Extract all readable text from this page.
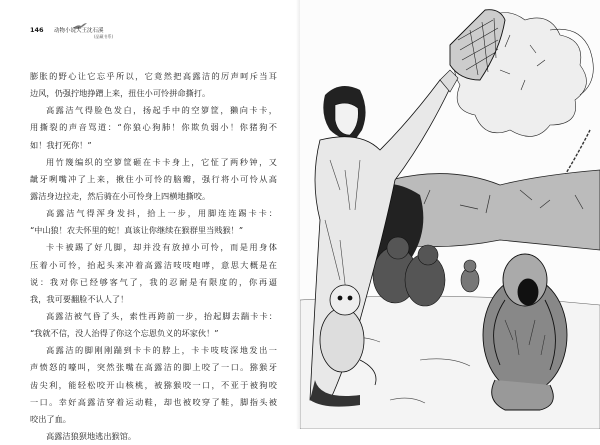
146 动物小说大王沈石溪
(品藏书系)
膨胀的野心让它忘乎所以，它竟然把高露洁的厉声呵斥当耳
边风，仍强拧地挣蹭上来，扭住小可怜拼命撕打。
高露洁气得脸色发白，扬起手中的空箩筐，獭向卡卡，
用撕裂的声音骂道：“你狼心狗肺！你欺负弱小！你猪狗不
如！我打死你！”
用竹篾编织的空箩筐砸在卡卡身上，它怔了两秒钟，又
龇牙咧嘴冲了上来，揪住小可怜的脑瓣，强行将小可怜从高
露洁身边拉走，然后骑在小可怜身上四横地撕咬。
高露洁气得浑身发抖，拾上一步，用脚连连踢卡卡：
“中山狼！农夫怀里的蛇！真该让你继续在猴群里当贱猴！”
卡卡被踢了好几脚，却并没有放掉小可怜，而是用身体
压着小可怜，抬起头来冲着高露洁吱吱咆哮，意思大概是在
说：我对你已经够客气了，我的忍耐是有限度的，你再逼
我，我可要翻脸不认人了！
高露洁被气昏了头，索性再跨前一步，抬起脚去踹卡卡：
“我就不信，没人治得了你这个忘恩负义的坏家伙！”
高露洁的脚刚刚踹到卡卡的脖上，卡卡吱吱深地发出一
声愤怒的嚎叫，突然张嘴在高露洁的脚上咬了一口。猕猴牙
齿尖利，能轻松咬开山核桃，被猕猴咬一口，不亚于被狗咬
一口。幸好高露洁穿着运动鞋，却也被咬穿了鞋，脚指头被
咬出了血。
高露洁狼狈地逃出猴馆。
